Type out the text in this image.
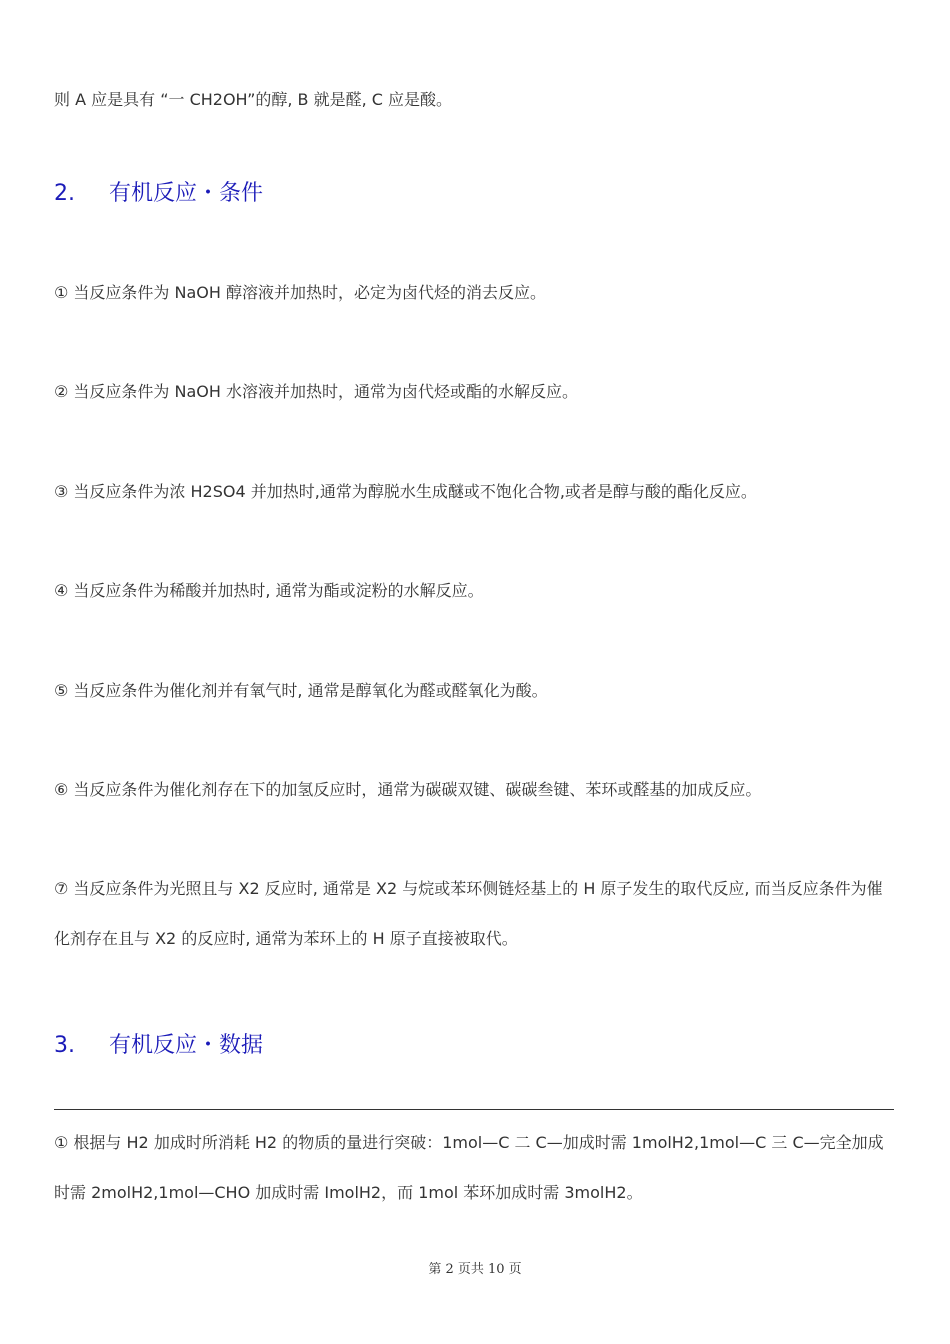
则 A 应是具有 “一 CH2OH”的醇, B 就是醛, C 应是酸。
2. 有机反应・条件
① 当反应条件为 NaOH 醇溶液并加热时，必定为卤代烃的消去反应。
② 当反应条件为 NaOH 水溶液并加热时，通常为卤代烃或酯的水解反应。
③ 当反应条件为浓 H2SO4 并加热时,通常为醇脱水生成醚或不饱化合物,或者是醇与酸的酯化反应。
④ 当反应条件为稀酸并加热时, 通常为酯或淀粉的水解反应。
⑤ 当反应条件为催化剂并有氧气时, 通常是醇氧化为醛或醛氧化为酸。
⑥ 当反应条件为催化剂存在下的加氢反应时，通常为碳碳双键、碳碳叁键、苯环或醛基的加成反应。
⑦ 当反应条件为光照且与 X2 反应时, 通常是 X2 与烷或苯环侧链烃基上的 H 原子发生的取代反应, 而当反应条件为催化剂存在且与 X2 的反应时, 通常为苯环上的 H 原子直接被取代。
3. 有机反应・数据
① 根据与 H2 加成时所消耗 H2 的物质的量进行突破：1mol—C 二 C—加成时需 1molH2,1mol—C 三 C—完全加成时需 2molH2,1mol—CHO 加成时需 ImolH2，而 1mol 苯环加成时需 3molH2。
第 2 页共 10 页
